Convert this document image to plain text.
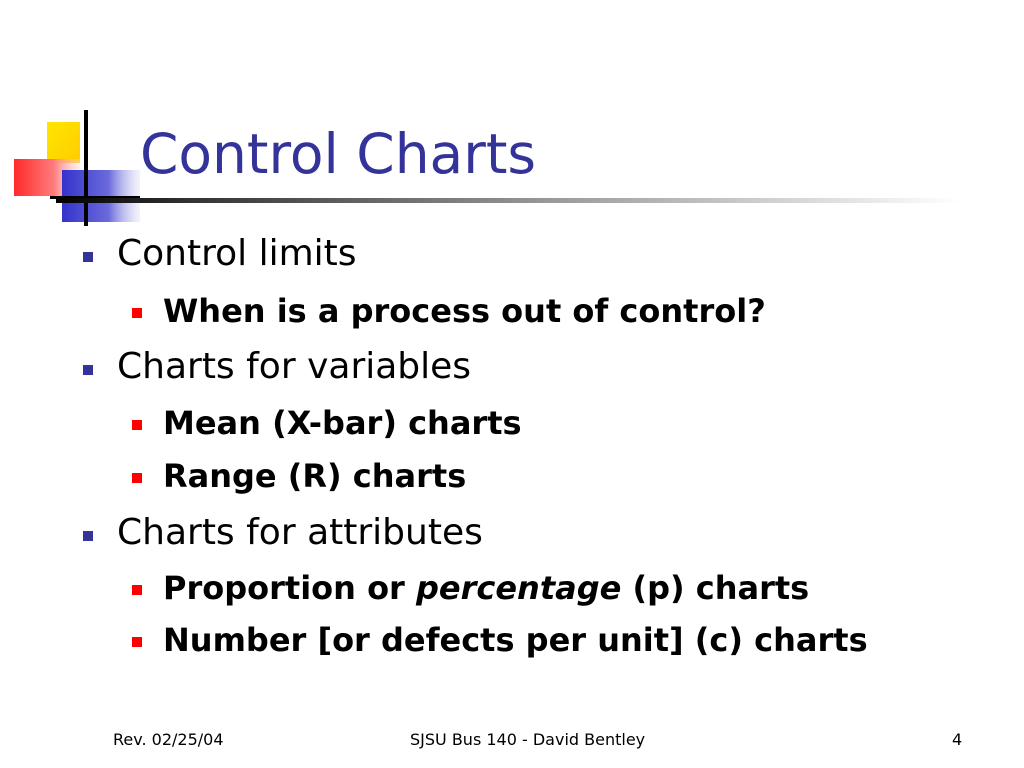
Control Charts
Control limits
When is a process out of control?
Charts for variables
Mean (X-bar) charts
Range (R) charts
Charts for attributes
Proportion or percentage (p) charts
Number [or defects per unit] (c) charts
Rev. 02/25/04	SJSU Bus 140 - David Bentley	4
